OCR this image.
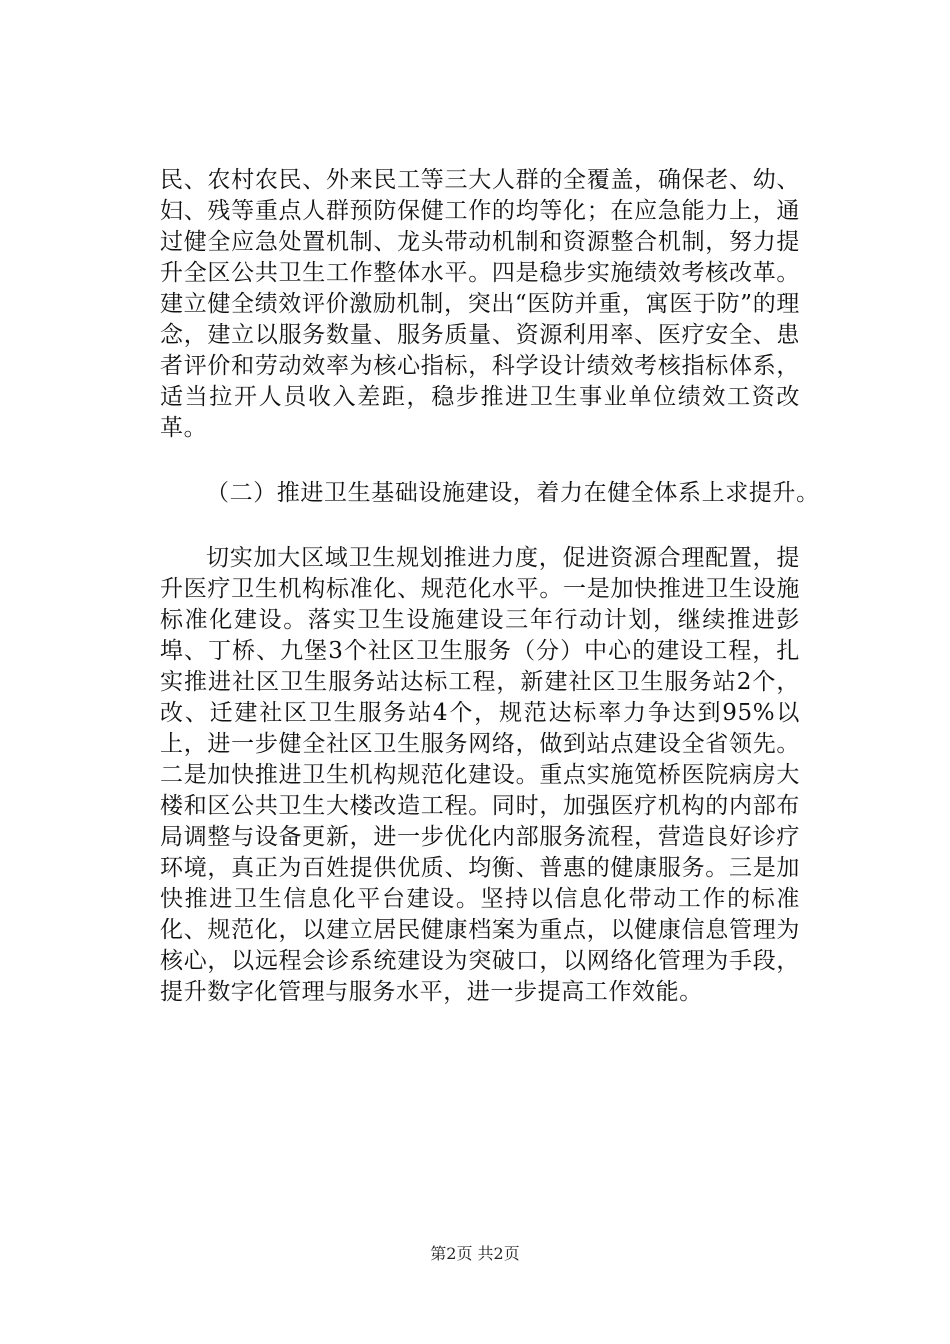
民、农村农民、外来民工等三大人群的全覆盖，确保老、幼、妇、残等重点人群预防保健工作的均等化；在应急能力上，通过健全应急处置机制、龙头带动机制和资源整合机制，努力提升全区公共卫生工作整体水平。四是稳步实施绩效考核改革。建立健全绩效评价激励机制，突出“医防并重，寓医于防”的理念，建立以服务数量、服务质量、资源利用率、医疗安全、患者评价和劳动效率为核心指标，科学设计绩效考核指标体系，适当拉开人员收入差距，稳步推进卫生事业单位绩效工资改革。

（二）推进卫生基础设施建设，着力在健全体系上求提升。

切实加大区域卫生规划推进力度，促进资源合理配置，提升医疗卫生机构标准化、规范化水平。一是加快推进卫生设施标准化建设。落实卫生设施建设三年行动计划，继续推进彭埠、丁桥、九堡3个社区卫生服务（分）中心的建设工程，扎实推进社区卫生服务站达标工程，新建社区卫生服务站2个，改、迁建社区卫生服务站4个，规范达标率力争达到95%以上，进一步健全社区卫生服务网络，做到站点建设全省领先。二是加快推进卫生机构规范化建设。重点实施笕桥医院病房大楼和区公共卫生大楼改造工程。同时，加强医疗机构的内部布局调整与设备更新，进一步优化内部服务流程，营造良好诊疗环境，真正为百姓提供优质、均衡、普惠的健康服务。三是加快推进卫生信息化平台建设。坚持以信息化带动工作的标准化、规范化，以建立居民健康档案为重点，以健康信息管理为核心，以远程会诊系统建设为突破口，以网络化管理为手段，提升数字化管理与服务水平，进一步提高工作效能。

第2页 共2页
